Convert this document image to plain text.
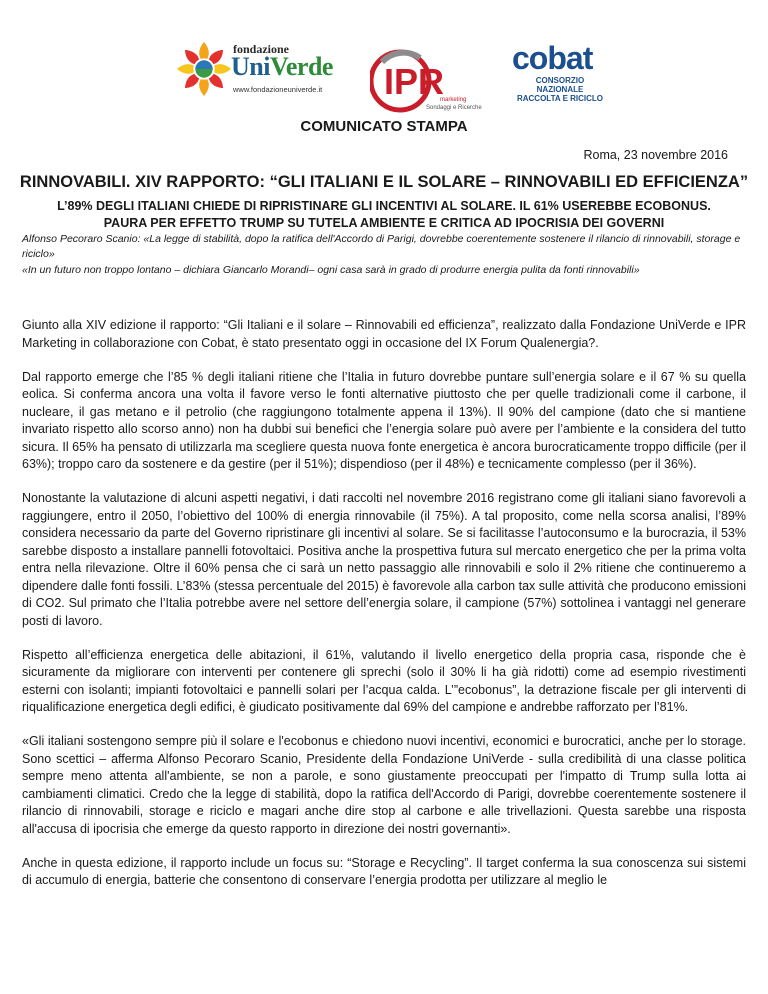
fondazione
UniVerde
www.fondazioneuniverde.it IPR
marketing
Sondaggi e Ricerche
cobat
CONSORZIO NAZIONALE
RACCOLTA E RICICLO
COMUNICATO STAMPA
Roma, 23 novembre 2016
RINNOVABILI. XIV RAPPORTO: “GLI ITALIANI E IL SOLARE – RINNOVABILI ED EFFICIENZA”
L’89% DEGLI ITALIANI CHIEDE DI RIPRISTINARE GLI INCENTIVI AL SOLARE. IL 61% USEREBBE ECOBONUS.
PAURA PER EFFETTO TRUMP SU TUTELA AMBIENTE E CRITICA AD IPOCRISIA DEI GOVERNI

Alfonso Pecoraro Scanio: «La legge di stabilità, dopo la ratifica dell'Accordo di Parigi, dovrebbe coerentemente sostenere il rilancio di rinnovabili, storage e riciclo»

«In un futuro non troppo lontano – dichiara Giancarlo Morandi– ogni casa sarà in grado di produrre energia pulita da fonti rinnovabili»

Giunto alla XIV edizione il rapporto: “Gli Italiani e il solare – Rinnovabili ed efficienza”, realizzato dalla Fondazione UniVerde e IPR Marketing in collaborazione con Cobat, è stato presentato oggi in occasione del IX Forum Qualenergia?.

Dal rapporto emerge che l’85 % degli italiani ritiene che l’Italia in futuro dovrebbe puntare sull’energia solare e il 67 % su quella eolica. Si conferma ancora una volta il favore verso le fonti alternative piuttosto che per quelle tradizionali come il carbone, il nucleare, il gas metano e il petrolio (che raggiungono totalmente appena il 13%). Il 90% del campione (dato che si mantiene invariato rispetto allo scorso anno) non ha dubbi sui benefici che l’energia solare può avere per l’ambiente e la considera del tutto sicura. Il 65% ha pensato di utilizzarla ma scegliere questa nuova fonte energetica è ancora burocraticamente troppo difficile (per il 63%); troppo caro da sostenere e da gestire (per il 51%); dispendioso (per il 48%) e tecnicamente complesso (per il 36%).

Nonostante la valutazione di alcuni aspetti negativi, i dati raccolti nel novembre 2016 registrano come gli italiani siano favorevoli a raggiungere, entro il 2050, l’obiettivo del 100% di energia rinnovabile (il 75%). A tal proposito, come nella scorsa analisi, l’89% considera necessario da parte del Governo ripristinare gli incentivi al solare. Se si facilitasse l’autoconsumo e la burocrazia, il 53% sarebbe disposto a installare pannelli fotovoltaici. Positiva anche la prospettiva futura sul mercato energetico che per la prima volta entra nella rilevazione. Oltre il 60% pensa che ci sarà un netto passaggio alle rinnovabili e solo il 2% ritiene che continueremo a dipendere dalle fonti fossili. L’83% (stessa percentuale del 2015) è favorevole alla carbon tax sulle attività che producono emissioni di CO2. Sul primato che l’Italia potrebbe avere nel settore dell’energia solare, il campione (57%) sottolinea i vantaggi nel generare posti di lavoro.

Rispetto all’efficienza energetica delle abitazioni, il 61%, valutando il livello energetico della propria casa, risponde che è sicuramente da migliorare con interventi per contenere gli sprechi (solo il 30% li ha già ridotti) come ad esempio rivestimenti esterni con isolanti; impianti fotovoltaici e pannelli solari per l’acqua calda. L’”ecobonus”, la detrazione fiscale per gli interventi di riqualificazione energetica degli edifici, è giudicato positivamente dal 69% del campione e andrebbe rafforzato per l’81%.

«Gli italiani sostengono sempre più il solare e l'ecobonus e chiedono nuovi incentivi, economici e burocratici, anche per lo storage. Sono scettici – afferma Alfonso Pecoraro Scanio, Presidente della Fondazione UniVerde - sulla credibilità di una classe politica sempre meno attenta all'ambiente, se non a parole, e sono giustamente preoccupati per l'impatto di Trump sulla lotta ai cambiamenti climatici. Credo che la legge di stabilità, dopo la ratifica dell'Accordo di Parigi, dovrebbe coerentemente sostenere il rilancio di rinnovabili, storage e riciclo e magari anche dire stop al carbone e alle trivellazioni. Questa sarebbe una risposta all'accusa di ipocrisia che emerge da questo rapporto in direzione dei nostri governanti».

Anche in questa edizione, il rapporto include un focus su: “Storage e Recycling”. Il target conferma la sua conoscenza sui sistemi di accumulo di energia, batterie che consentono di conservare l’energia prodotta per utilizzare al meglio le
